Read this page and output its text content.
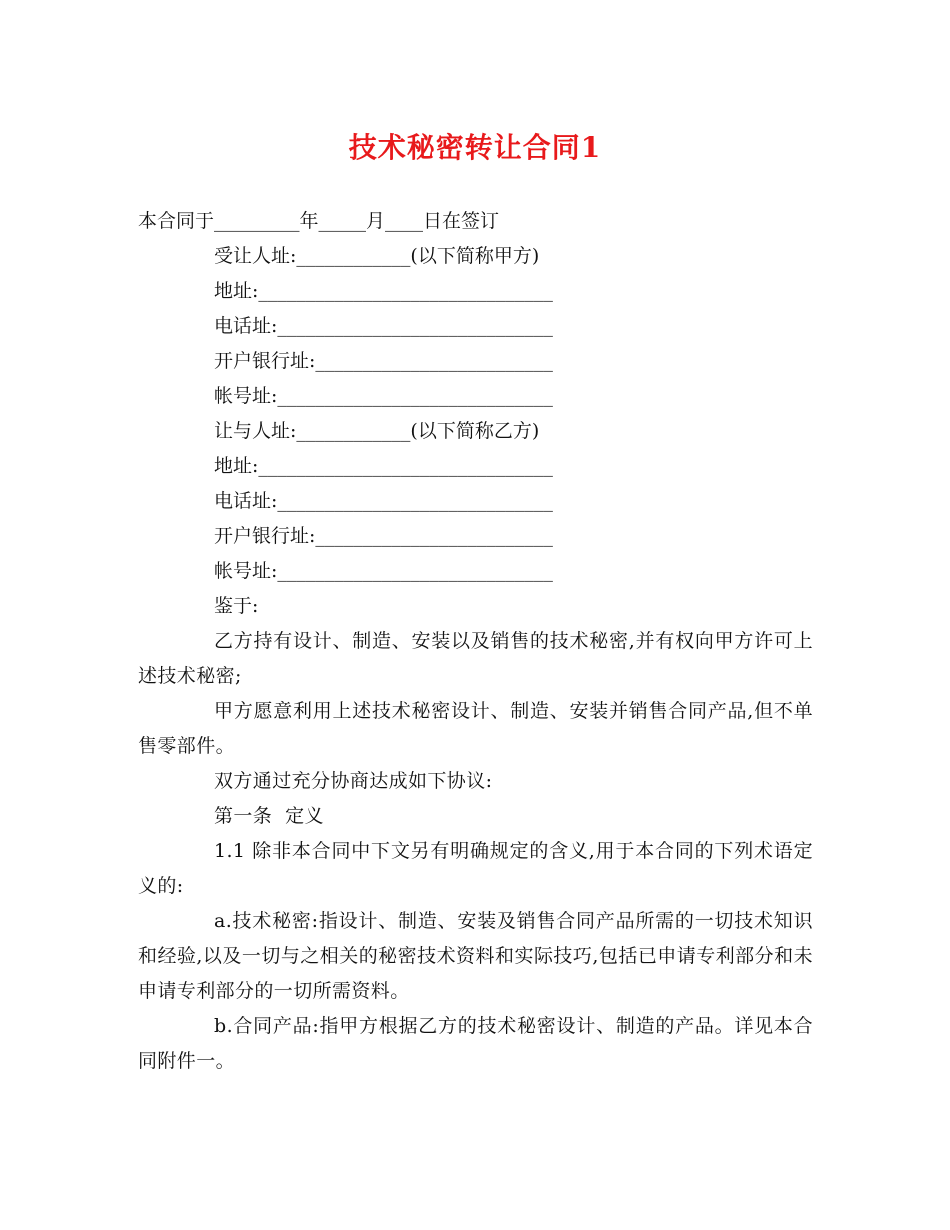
技术秘密转让合同1

本合同于_________年_____月____日在签订

受让人址:____________(以下简称甲方)

地址:_______________________________

电话址:_____________________________

开户银行址:_________________________

帐号址:_____________________________

让与人址:____________(以下简称乙方)

地址:_______________________________

电话址:_____________________________

开户银行址:_________________________

帐号址:_____________________________

鉴于:

乙方持有设计、制造、安装以及销售的技术秘密,并有权向甲方许可上述技术秘密;

甲方愿意利用上述技术秘密设计、制造、安装并销售合同产品,但不单售零部件。

双方通过充分协商达成如下协议:

第一条  定义

1.1 除非本合同中下文另有明确规定的含义,用于本合同的下列术语定义的:

a.技术秘密:指设计、制造、安装及销售合同产品所需的一切技术知识和经验,以及一切与之相关的秘密技术资料和实际技巧,包括已申请专利部分和未申请专利部分的一切所需资料。

b.合同产品:指甲方根据乙方的技术秘密设计、制造的产品。详见本合同附件一。
